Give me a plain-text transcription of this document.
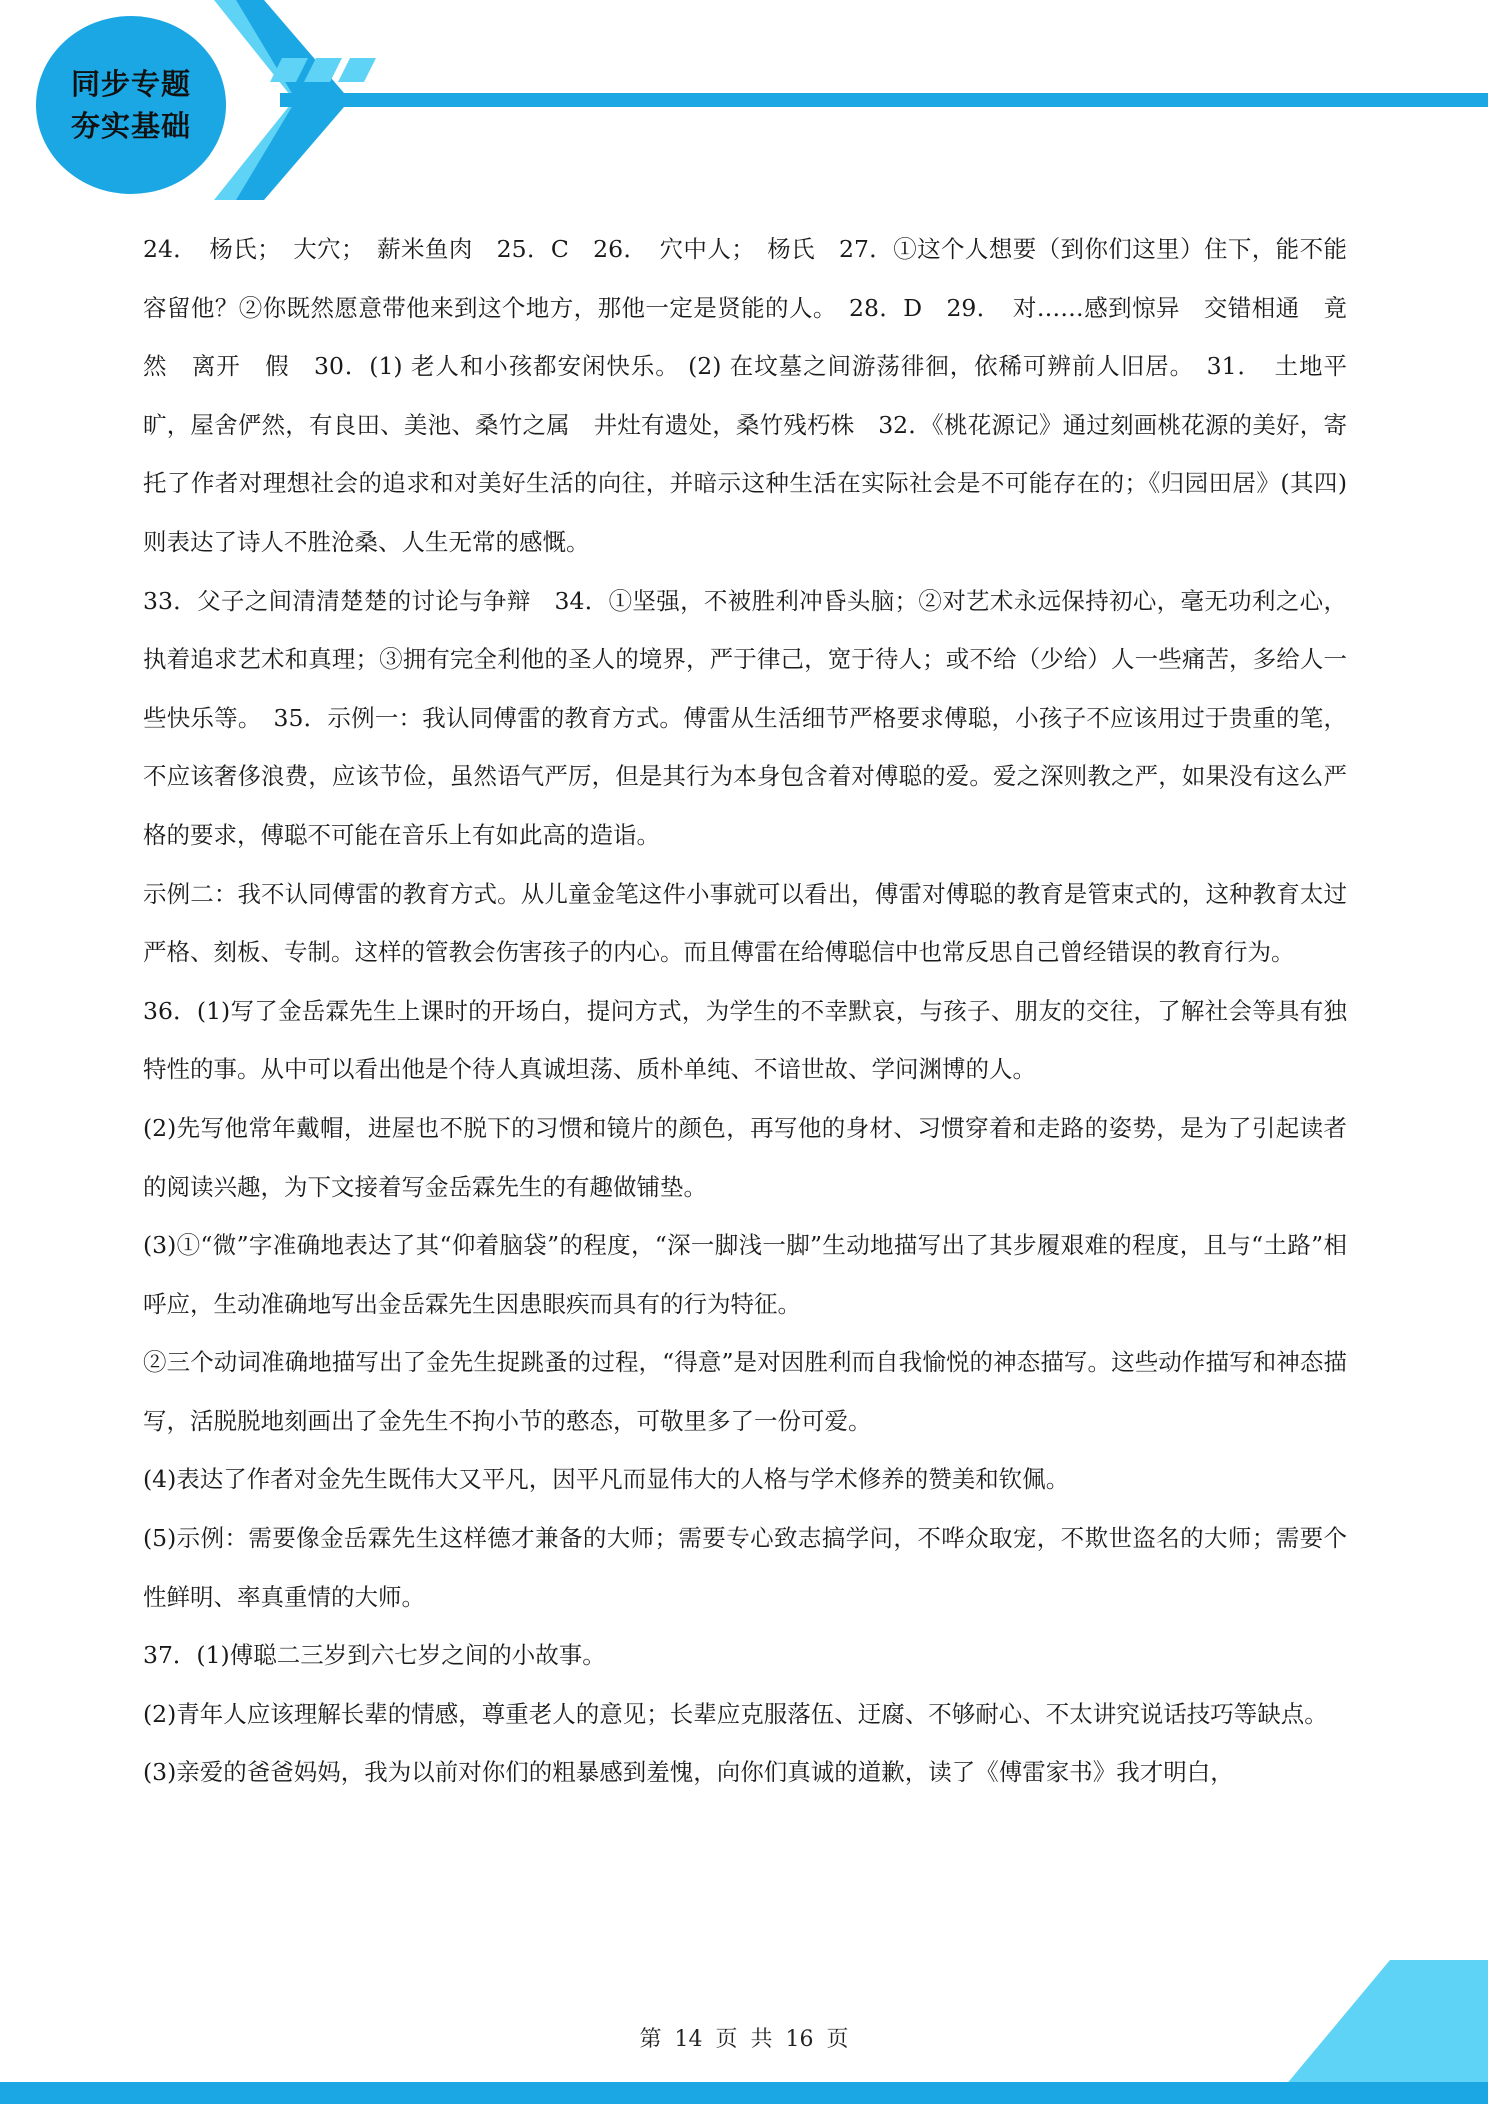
同步专题
夯实基础

24．　杨氏；　大穴；　薪米鱼肉　25．C　26．　穴中人；　杨氏　27．①这个人想要（到你们这里）住下，能不能容留他？②你既然愿意带他来到这个地方，那他一定是贤能的人。　28．D　29．　对……感到惊异　交错相通　竟然　离开　假　30．(1) 老人和小孩都安闲快乐。 (2) 在坟墓之间游荡徘徊，依稀可辨前人旧居。　31．　土地平旷，屋舍俨然，有良田、美池、桑竹之属　井灶有遗处，桑竹残朽株　32．《桃花源记》通过刻画桃花源的美好，寄托了作者对理想社会的追求和对美好生活的向往，并暗示这种生活在实际社会是不可能存在的；《归园田居》(其四) 则表达了诗人不胜沧桑、人生无常的感慨。

33．父子之间清清楚楚的讨论与争辩　34．①坚强，不被胜利冲昏头脑；②对艺术永远保持初心，毫无功利之心，执着追求艺术和真理；③拥有完全利他的圣人的境界，严于律己，宽于待人；或不给（少给）人一些痛苦，多给人一些快乐等。　35．示例一：我认同傅雷的教育方式。傅雷从生活细节严格要求傅聪，小孩子不应该用过于贵重的笔，不应该奢侈浪费，应该节俭，虽然语气严厉，但是其行为本身包含着对傅聪的爱。爱之深则教之严，如果没有这么严格的要求，傅聪不可能在音乐上有如此高的造诣。

示例二：我不认同傅雷的教育方式。从儿童金笔这件小事就可以看出，傅雷对傅聪的教育是管束式的，这种教育太过严格、刻板、专制。这样的管教会伤害孩子的内心。而且傅雷在给傅聪信中也常反思自己曾经错误的教育行为。

36．(1)写了金岳霖先生上课时的开场白，提问方式，为学生的不幸默哀，与孩子、朋友的交往，了解社会等具有独特性的事。从中可以看出他是个待人真诚坦荡、质朴单纯、不谙世故、学问渊博的人。

(2)先写他常年戴帽，进屋也不脱下的习惯和镜片的颜色，再写他的身材、习惯穿着和走路的姿势，是为了引起读者的阅读兴趣，为下文接着写金岳霖先生的有趣做铺垫。

(3)①“微”字准确地表达了其“仰着脑袋”的程度，“深一脚浅一脚”生动地描写出了其步履艰难的程度，且与“土路”相呼应，生动准确地写出金岳霖先生因患眼疾而具有的行为特征。

②三个动词准确地描写出了金先生捉跳蚤的过程，“得意”是对因胜利而自我愉悦的神态描写。这些动作描写和神态描写，活脱脱地刻画出了金先生不拘小节的憨态，可敬里多了一份可爱。

(4)表达了作者对金先生既伟大又平凡，因平凡而显伟大的人格与学术修养的赞美和钦佩。

(5)示例：需要像金岳霖先生这样德才兼备的大师；需要专心致志搞学问，不哗众取宠，不欺世盗名的大师；需要个性鲜明、率真重情的大师。

37．(1)傅聪二三岁到六七岁之间的小故事。

(2)青年人应该理解长辈的情感，尊重老人的意见；长辈应克服落伍、迂腐、不够耐心、不太讲究说话技巧等缺点。

(3)亲爱的爸爸妈妈，我为以前对你们的粗暴感到羞愧，向你们真诚的道歉，读了《傅雷家书》我才明白，

第 14 页 共 16 页
